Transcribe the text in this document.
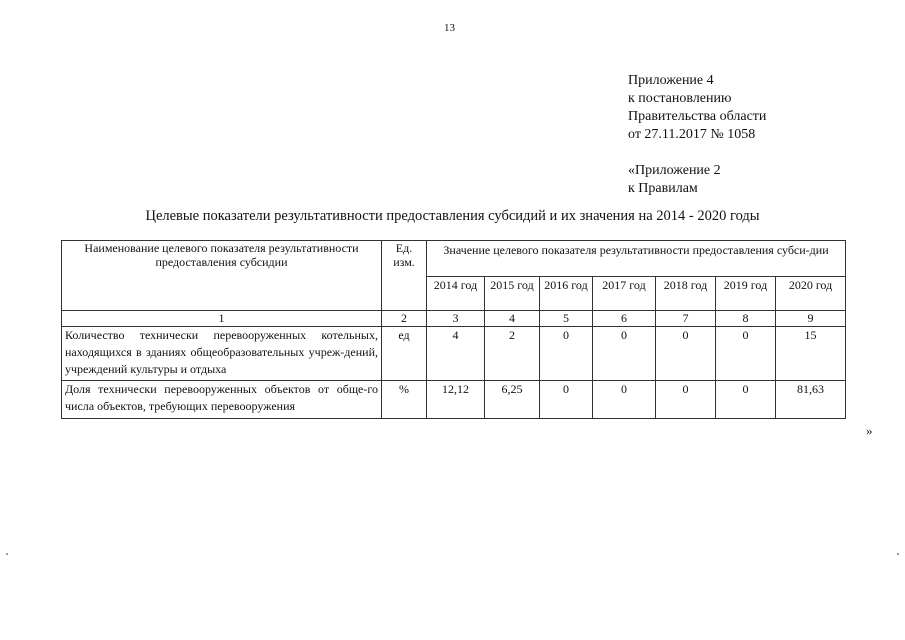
13
Приложение 4
к постановлению
Правительства области
от 27.11.2017 № 1058
«Приложение 2
к Правилам
Целевые показатели результативности предоставления субсидий и их значения на 2014 - 2020 годы
Наименование целевого показателя результативности предоставления субсидии	Ед. изм.	Значение целевого показателя результативности предоставления субси-дии						
		2014 год	2015 год	2016 год	2017 год	2018 год	2019 год	2020 год
1	2	3	4	5	6	7	8	9
Количество технически перевооруженных котельных, находящихся в зданиях общеобразовательных учреж-дений, учреждений культуры и отдыха	ед	4	2	0	0	0	0	15
Доля технически перевооруженных объектов от обще-го числа объектов, требующих перевооружения	%	12,12	6,25	0	0	0	0	81,63
»
